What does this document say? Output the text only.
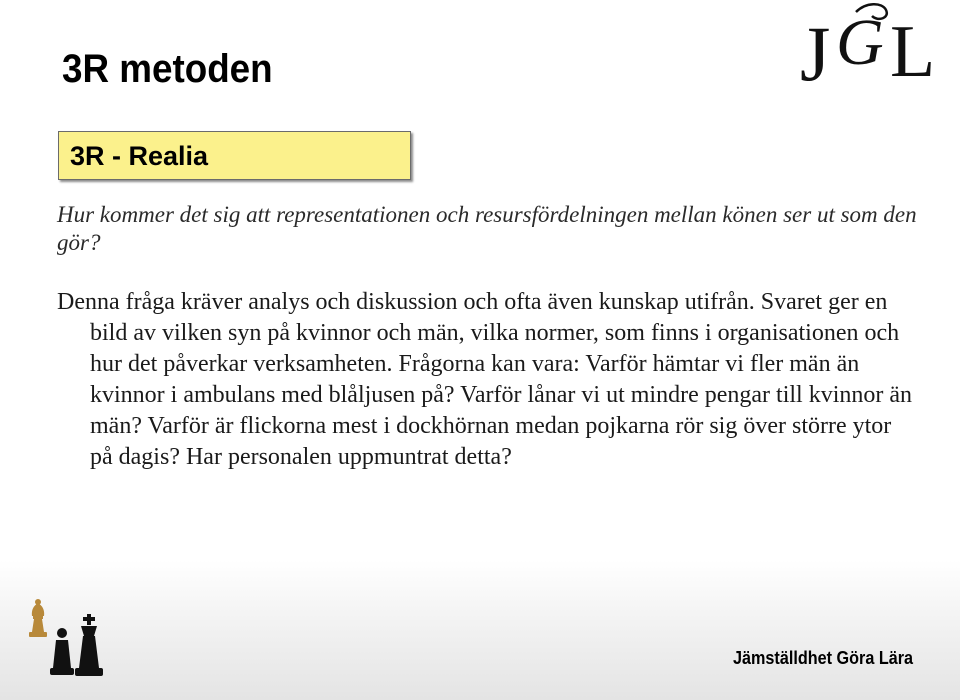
3R metoden	J G L
3R - Realia

Hur kommer det sig att representationen och resursfördelningen mellan könen ser ut som den gör?

Denna fråga kräver analys och diskussion och ofta även kunskap utifrån. Svaret ger en bild av vilken syn på kvinnor och män, vilka normer, som finns i organisationen och hur det påverkar verksamheten. Frågorna kan vara: Varför hämtar vi fler män än kvinnor i ambulans med blåljusen på? Varför lånar vi ut mindre pengar till kvinnor än män? Varför är flickorna mest i dockhörnan medan pojkarna rör sig över större ytor på dagis? Har personalen uppmuntrat detta?

Jämställdhet Göra Lära
